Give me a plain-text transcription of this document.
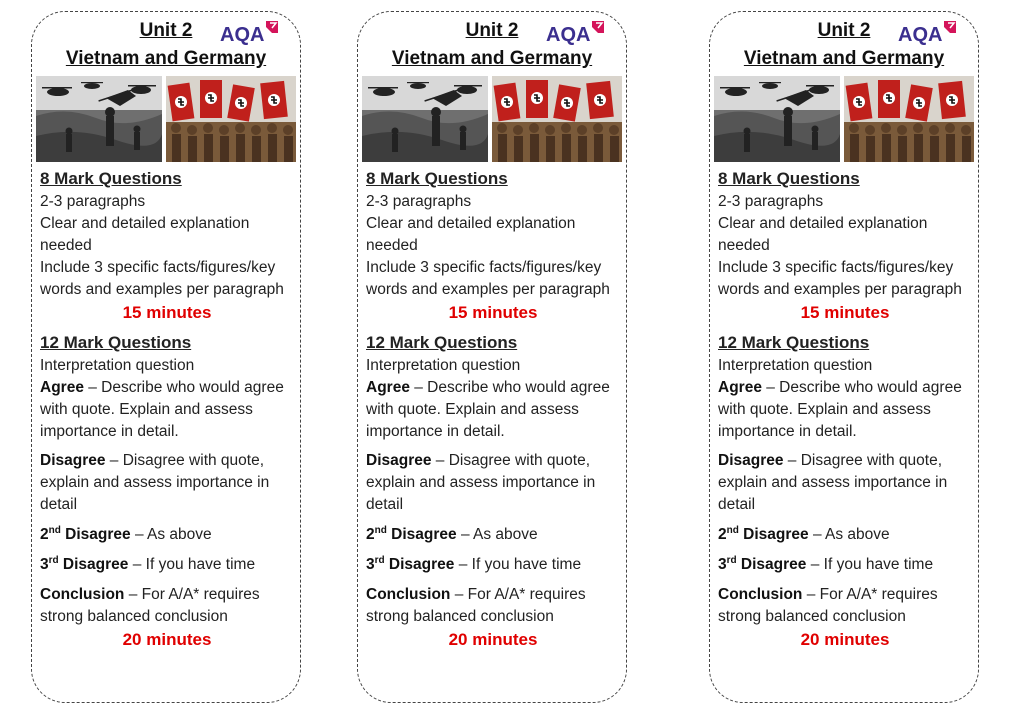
Unit 2	AQA
Vietnam and Germany
8 Mark Questions

2-3 paragraphs

Clear and detailed explanation needed

Include 3 specific facts/figures/key words and examples per paragraph

15 minutes
12 Mark Questions

Interpretation question

Agree – Describe who would agree with quote. Explain and assess importance in detail.

Disagree – Disagree with quote, explain and assess importance in detail

2nd Disagree – As above

3rd Disagree – If you have time

Conclusion – For A/A* requires strong balanced conclusion

20 minutes
Unit 2	AQA
Vietnam and Germany
8 Mark Questions

2-3 paragraphs

Clear and detailed explanation needed

Include 3 specific facts/figures/key words and examples per paragraph

15 minutes
12 Mark Questions

Interpretation question

Agree – Describe who would agree with quote. Explain and assess importance in detail.

Disagree – Disagree with quote, explain and assess importance in detail

2nd Disagree – As above

3rd Disagree – If you have time

Conclusion – For A/A* requires strong balanced conclusion

20 minutes
Unit 2	AQA
Vietnam and Germany
8 Mark Questions

2-3 paragraphs

Clear and detailed explanation needed

Include 3 specific facts/figures/key words and examples per paragraph

15 minutes
12 Mark Questions

Interpretation question

Agree – Describe who would agree with quote. Explain and assess importance in detail.

Disagree – Disagree with quote, explain and assess importance in detail

2nd Disagree – As above

3rd Disagree – If you have time

Conclusion – For A/A* requires strong balanced conclusion

20 minutes
